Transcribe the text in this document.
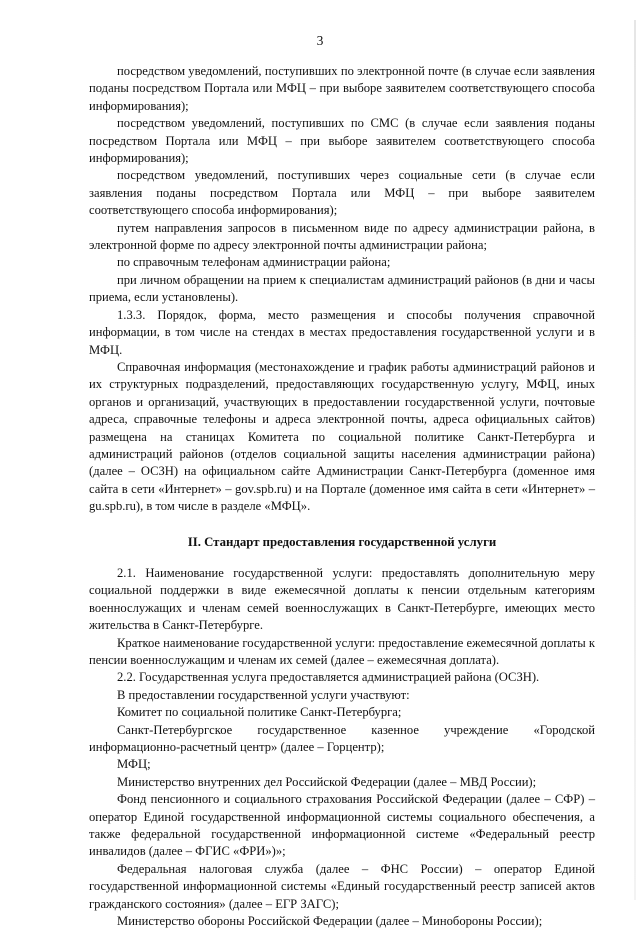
3

посредством уведомлений, поступивших по электронной почте (в случае если заявления поданы посредством Портала или МФЦ – при выборе заявителем соответствующего способа информирования);

посредством уведомлений, поступивших по СМС (в случае если заявления поданы посредством Портала или МФЦ – при выборе заявителем соответствующего способа информирования);

посредством уведомлений, поступивших через социальные сети (в случае если заявления поданы посредством Портала или МФЦ – при выборе заявителем соответствующего способа информирования);

путем направления запросов в письменном виде по адресу администрации района, в электронной форме по адресу электронной почты администрации района;

по справочным телефонам администрации района;

при личном обращении на прием к специалистам администраций районов (в дни и часы приема, если установлены).

1.3.3. Порядок, форма, место размещения и способы получения справочной информации, в том числе на стендах в местах предоставления государственной услуги и в МФЦ.

Справочная информация (местонахождение и график работы администраций районов и их структурных подразделений, предоставляющих государственную услугу, МФЦ, иных органов и организаций, участвующих в предоставлении государственной услуги, почтовые адреса, справочные телефоны и адреса электронной почты, адреса официальных сайтов) размещена на станицах Комитета по социальной политике Санкт-Петербурга и администраций районов (отделов социальной защиты населения администрации района) (далее – ОСЗН) на официальном сайте Администрации Санкт-Петербурга (доменное имя сайта в сети «Интернет» – gov.spb.ru) и на Портале (доменное имя сайта в сети «Интернет» – gu.spb.ru), в том числе в разделе «МФЦ».

II. Стандарт предоставления государственной услуги

2.1. Наименование государственной услуги: предоставлять дополнительную меру социальной поддержки в виде ежемесячной доплаты к пенсии отдельным категориям военнослужащих и членам семей военнослужащих в Санкт-Петербурге, имеющих место жительства в Санкт-Петербурге.

Краткое наименование государственной услуги: предоставление ежемесячной доплаты к пенсии военнослужащим и членам их семей (далее – ежемесячная доплата).

2.2. Государственная услуга предоставляется администрацией района (ОСЗН).

В предоставлении государственной услуги участвуют:

Комитет по социальной политике Санкт-Петербурга;

Санкт-Петербургское государственное казенное учреждение «Городской информационно-расчетный центр» (далее – Горцентр);

МФЦ;

Министерство внутренних дел Российской Федерации (далее – МВД России);

Фонд пенсионного и социального страхования Российской Федерации (далее – СФР) – оператор Единой государственной информационной системы социального обеспечения, а также федеральной государственной информационной системе «Федеральный реестр инвалидов (далее – ФГИС «ФРИ»)»;

Федеральная налоговая служба (далее – ФНС России) – оператор Единой государственной информационной системы «Единый государственный реестр записей актов гражданского состояния» (далее – ЕГР ЗАГС);

Министерство обороны Российской Федерации (далее – Минобороны России);
